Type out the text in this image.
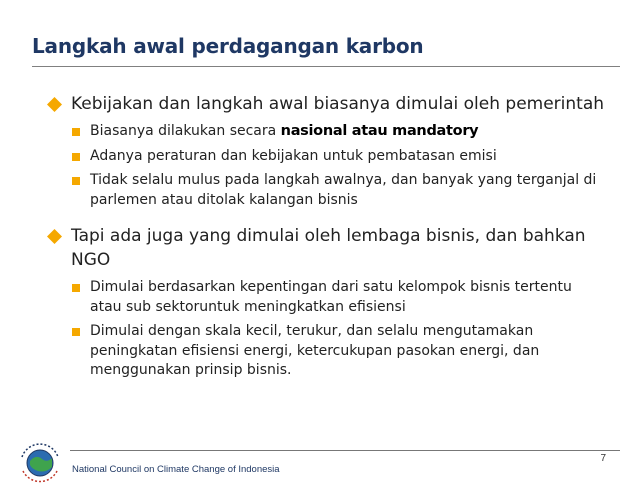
Langkah awal perdagangan karbon
Kebijakan dan langkah awal biasanya dimulai oleh pemerintah
Biasanya dilakukan secara nasional atau mandatory
Adanya peraturan dan kebijakan untuk pembatasan emisi
Tidak selalu mulus pada langkah awalnya, dan banyak yang terganjal di parlemen atau ditolak kalangan bisnis
Tapi ada juga yang dimulai oleh lembaga bisnis, dan bahkan NGO
Dimulai berdasarkan kepentingan dari satu kelompok bisnis tertentu atau sub sektoruntuk meningkatkan efisiensi
Dimulai dengan skala kecil, terukur, dan selalu mengutamakan peningkatan efisiensi energi, ketercukupan pasokan energi, dan menggunakan prinsip bisnis.
National Council on Climate Change of Indonesia
7
